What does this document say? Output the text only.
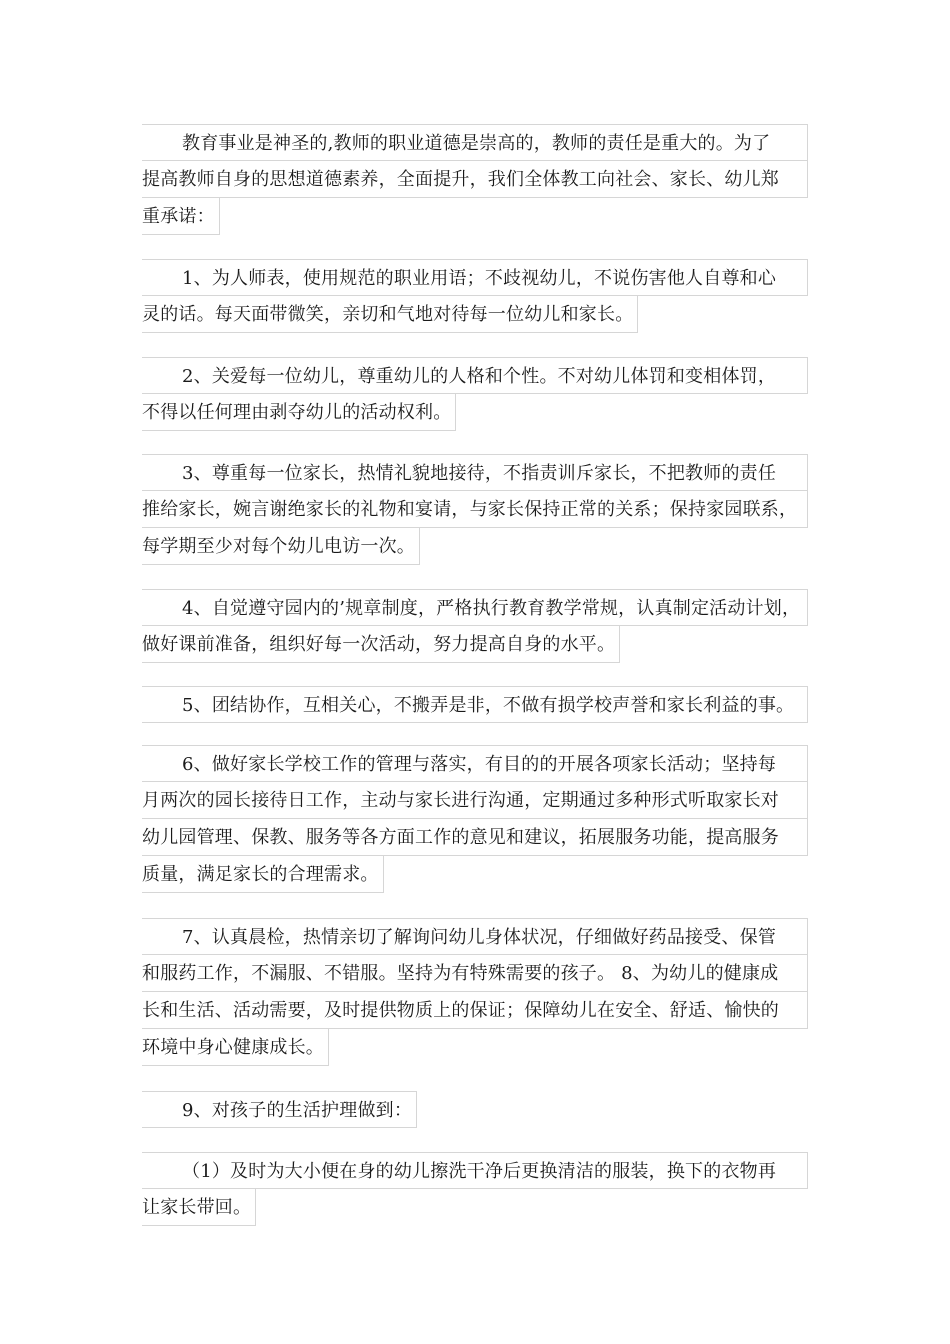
教育事业是神圣的,教师的职业道德是崇高的，教师的责任是重大的。为了
提高教师自身的思想道德素养，全面提升，我们全体教工向社会、家长、幼儿郑
重承诺：
1、为人师表，使用规范的职业用语；不歧视幼儿，不说伤害他人自尊和心
灵的话。每天面带微笑，亲切和气地对待每一位幼儿和家长。
2、关爱每一位幼儿，尊重幼儿的人格和个性。不对幼儿体罚和变相体罚，
不得以任何理由剥夺幼儿的活动权利。
3、尊重每一位家长，热情礼貌地接待，不指责训斥家长，不把教师的责任
推给家长，婉言谢绝家长的礼物和宴请，与家长保持正常的关系；保持家园联系，
每学期至少对每个幼儿电访一次。
4、自觉遵守园内的’规章制度，严格执行教育教学常规，认真制定活动计划，
做好课前准备，组织好每一次活动，努力提高自身的水平。
5、团结协作，互相关心，不搬弄是非，不做有损学校声誉和家长利益的事。
6、做好家长学校工作的管理与落实，有目的的开展各项家长活动；坚持每
月两次的园长接待日工作，主动与家长进行沟通，定期通过多种形式听取家长对
幼儿园管理、保教、服务等各方面工作的意见和建议，拓展服务功能，提高服务
质量，满足家长的合理需求。
7、认真晨检，热情亲切了解询问幼儿身体状况，仔细做好药品接受、保管
和服药工作，不漏服、不错服。坚持为有特殊需要的孩子。 8、为幼儿的健康成
长和生活、活动需要，及时提供物质上的保证；保障幼儿在安全、舒适、愉快的
环境中身心健康成长。
9、对孩子的生活护理做到：
（1）及时为大小便在身的幼儿擦洗干净后更换清洁的服装，换下的衣物再
让家长带回。
